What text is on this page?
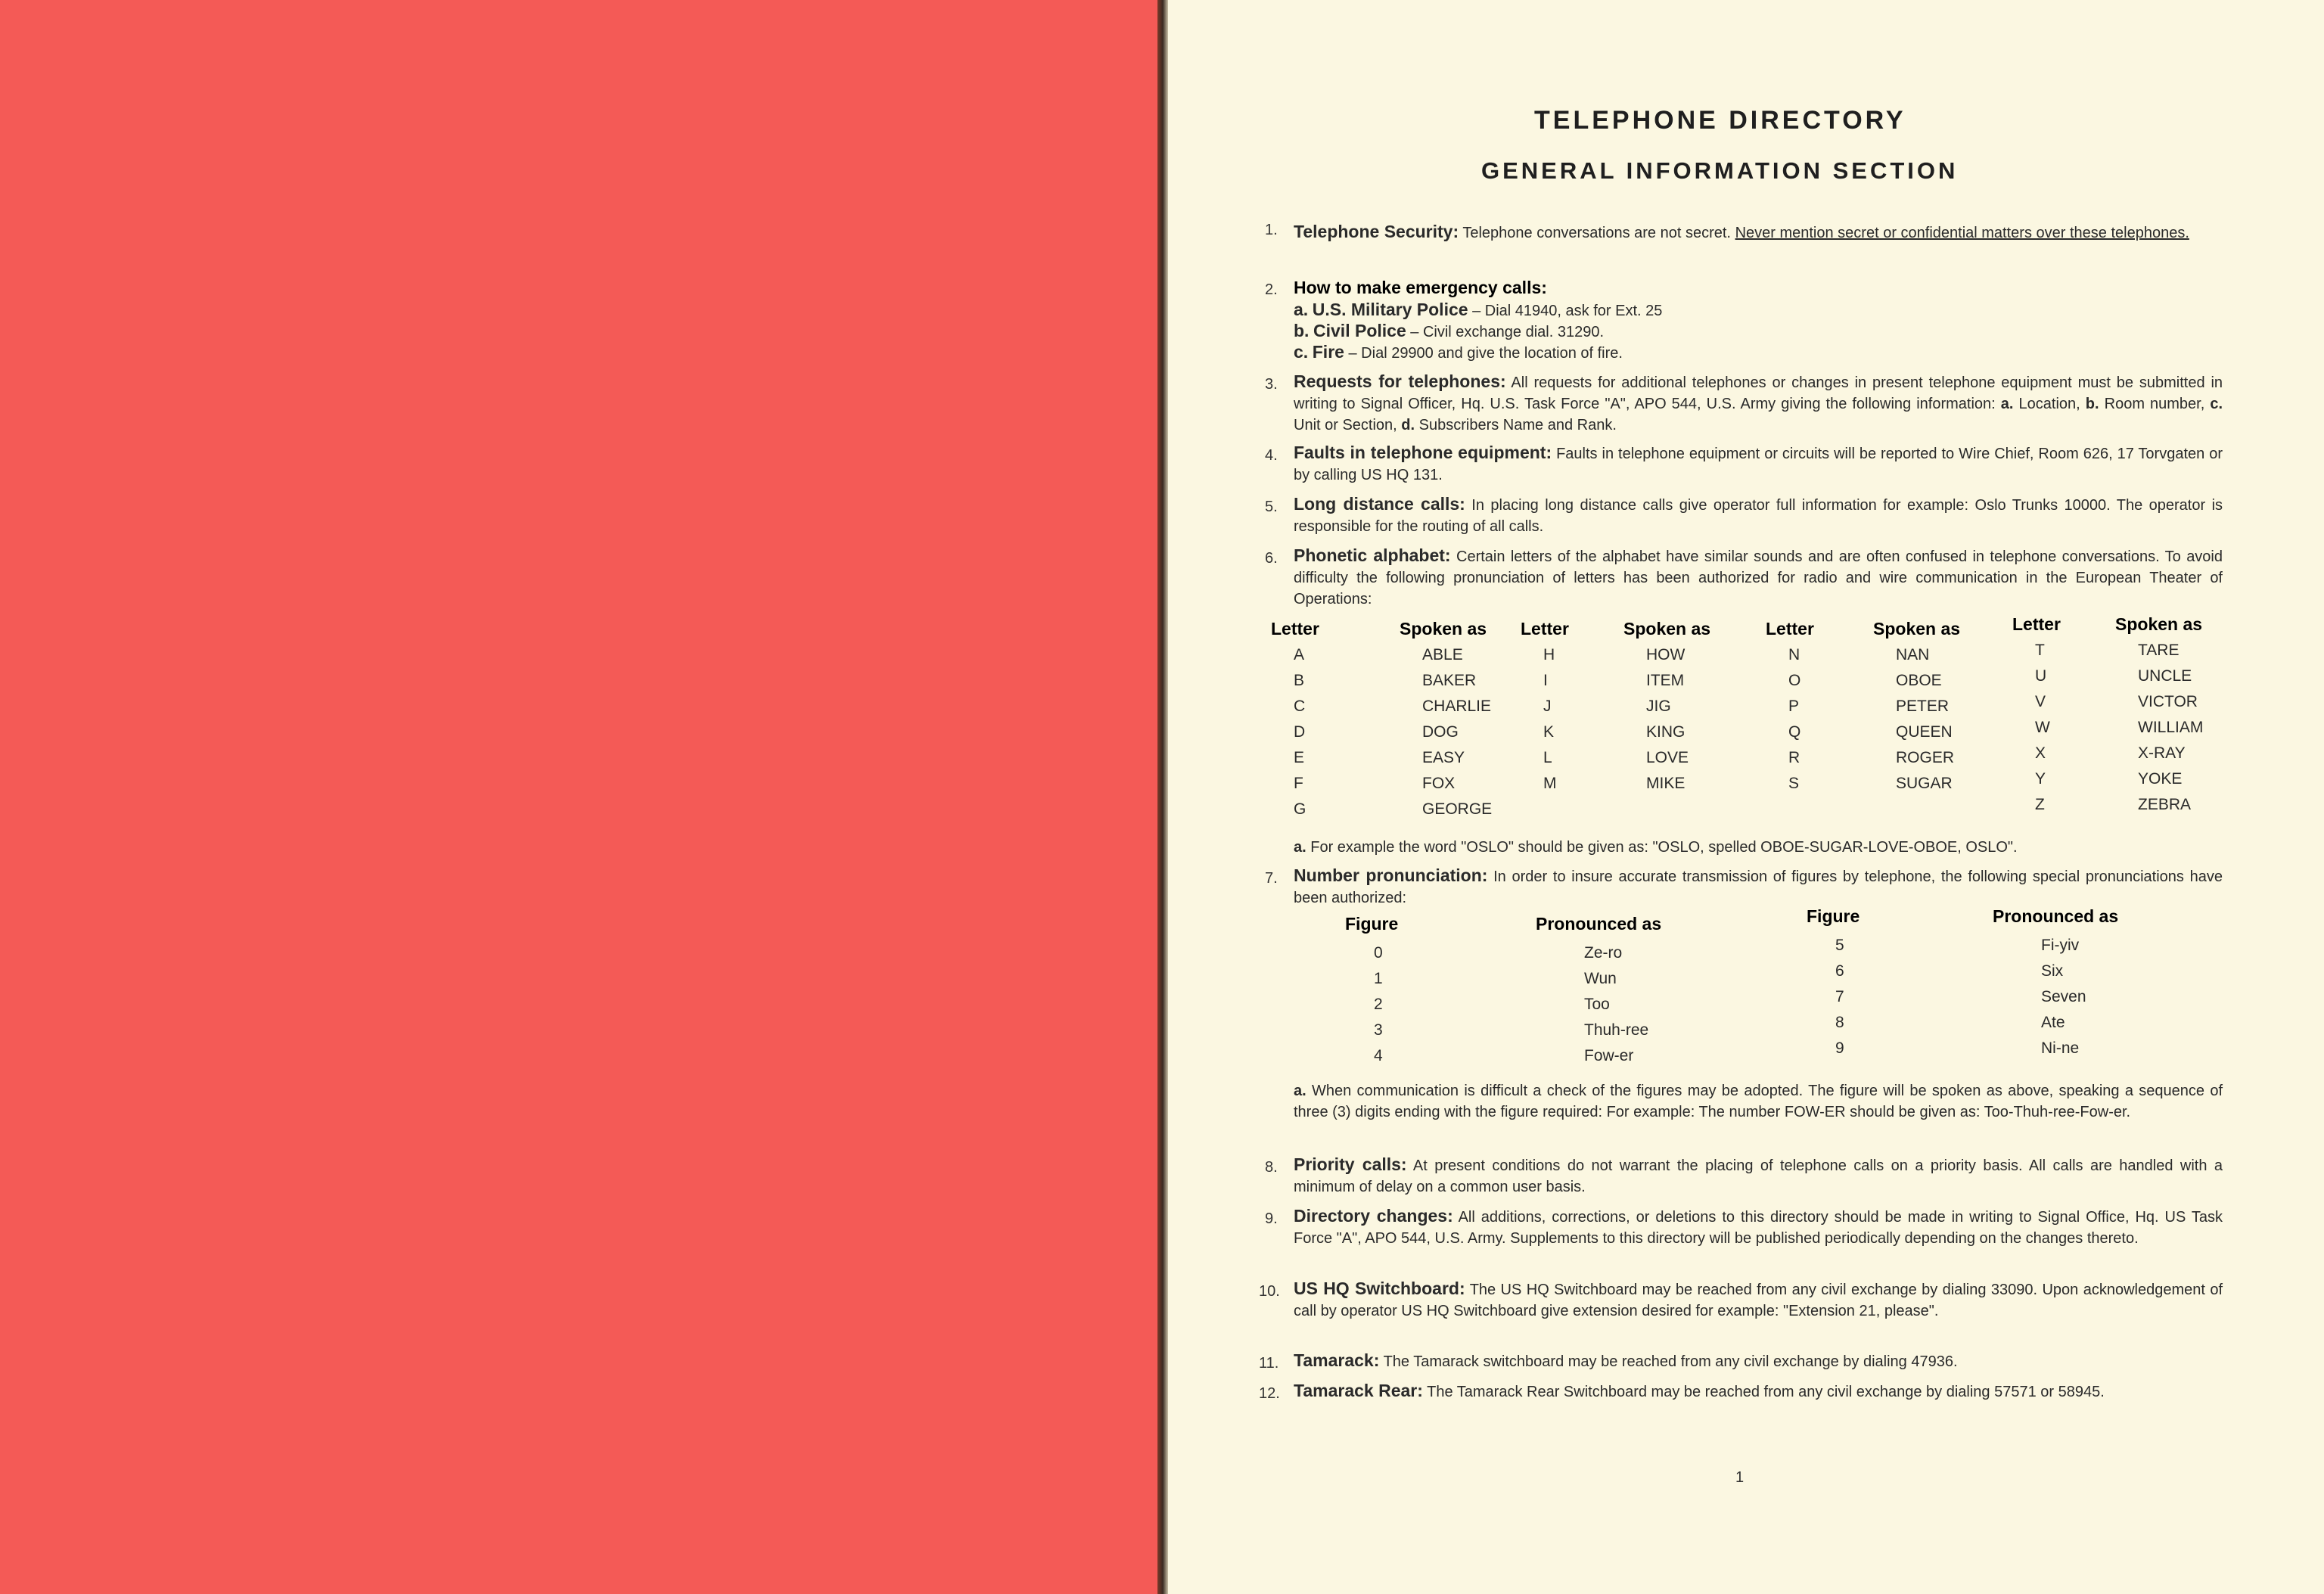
TELEPHONE DIRECTORY
GENERAL INFORMATION SECTION
1. Telephone Security: Telephone conversations are not secret. Never mention secret or confidential matters over these telephones.
2. How to make emergency calls:
a. U.S. Military Police – Dial 41940, ask for Ext. 25
b. Civil Police – Civil exchange dial. 31290.
c. Fire – Dial 29900 and give the location of fire.
3. Requests for telephones: All requests for additional telephones or changes in present telephone equipment must be submitted in writing to Signal Officer, Hq. U.S. Task Force "A", APO 544, U.S. Army giving the following information: a. Location, b. Room number, c. Unit or Section, d. Subscribers Name and Rank.
4. Faults in telephone equipment: Faults in telephone equipment or circuits will be reported to Wire Chief, Room 626, 17 Torvgaten or by calling US HQ 131.
5. Long distance calls: In placing long distance calls give operator full information for example: Oslo Trunks 10000. The operator is responsible for the routing of all calls.
6. Phonetic alphabet: Certain letters of the alphabet have similar sounds and are often confused in telephone conversations. To avoid difficulty the following pronunciation of letters has been authorized for radio and wire communication in the European Theater of Operations:
Letter	Spoken as
A	ABLE
B	BAKER
C	CHARLIE
D	DOG
E	EASY
F	FOX
G	GEORGE
Letter	Spoken as
H	HOW
I	ITEM
J	JIG
K	KING
L	LOVE
M	MIKE
Letter	Spoken as
N	NAN
O	OBOE
P	PETER
Q	QUEEN
R	ROGER
S	SUGAR
Letter	Spoken as
T	TARE
U	UNCLE
V	VICTOR
W	WILLIAM
X	X-RAY
Y	YOKE
Z	ZEBRA
a. For example the word "OSLO" should be given as: "OSLO, spelled OBOE-SUGAR-LOVE-OBOE, OSLO".
7. Number pronunciation: In order to insure accurate transmission of figures by telephone, the following special pronunciations have been authorized:
Figure	Pronounced as
0	Ze-ro
1	Wun
2	Too
3	Thuh-ree
4	Fow-er
Figure	Pronounced as
5	Fi-yiv
6	Six
7	Seven
8	Ate
9	Ni-ne
a. When communication is difficult a check of the figures may be adopted. The figure will be spoken as above, speaking a sequence of three (3) digits ending with the figure required: For example: The number FOW-ER should be given as: Too-Thuh-ree-Fow-er.
8. Priority calls: At present conditions do not warrant the placing of telephone calls on a priority basis. All calls are handled with a minimum of delay on a common user basis.
9. Directory changes: All additions, corrections, or deletions to this directory should be made in writing to Signal Office, Hq. US Task Force "A", APO 544, U.S. Army. Supplements to this directory will be published periodically depending on the changes thereto.
10. US HQ Switchboard: The US HQ Switchboard may be reached from any civil exchange by dialing 33090. Upon acknowledgement of call by operator US HQ Switchboard give extension desired for example: "Extension 21, please".
11. Tamarack: The Tamarack switchboard may be reached from any civil exchange by dialing 47936.
12. Tamarack Rear: The Tamarack Rear Switchboard may be reached from any civil exchange by dialing 57571 or 58945.
1
